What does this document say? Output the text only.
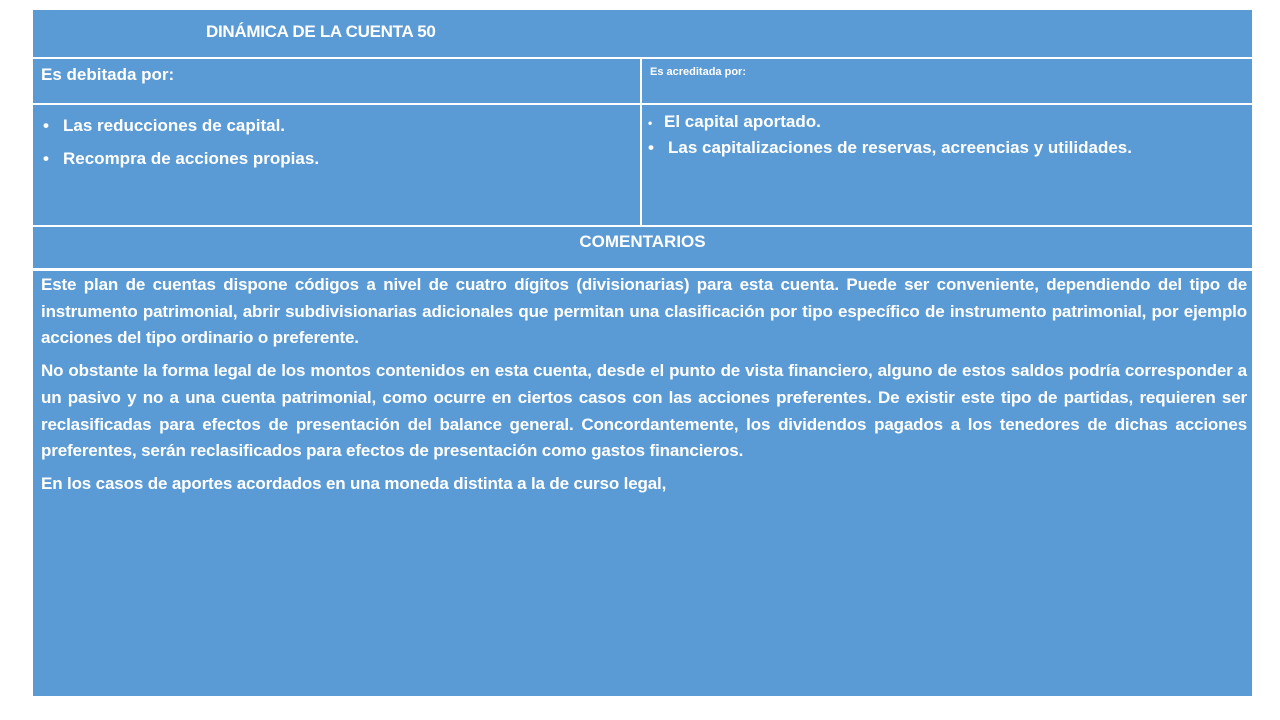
DINÁMICA DE LA CUENTA 50
Es debitada por:	Es acreditada por:
• Las reducciones de capital.
• Recompra de acciones propias.
• El capital aportado.
• Las capitalizaciones de reservas, acreencias y utilidades.
COMENTARIOS

Este plan de cuentas dispone códigos a nivel de cuatro dígitos (divisionarias) para esta cuenta. Puede ser conveniente, dependiendo del tipo de instrumento patrimonial, abrir subdivisionarias adicionales que permitan una clasificación por tipo específico de instrumento patrimonial, por ejemplo acciones del tipo ordinario o preferente.

No obstante la forma legal de los montos contenidos en esta cuenta, desde el punto de vista financiero, alguno de estos saldos podría corresponder a un pasivo y no a una cuenta patrimonial, como ocurre en ciertos casos con las acciones preferentes. De existir este tipo de partidas, requieren ser reclasificadas para efectos de presentación del balance general. Concordantemente, los dividendos pagados a los tenedores de dichas acciones preferentes, serán reclasificados para efectos de presentación como gastos financieros.

En los casos de aportes acordados en una moneda distinta a la de curso legal,
